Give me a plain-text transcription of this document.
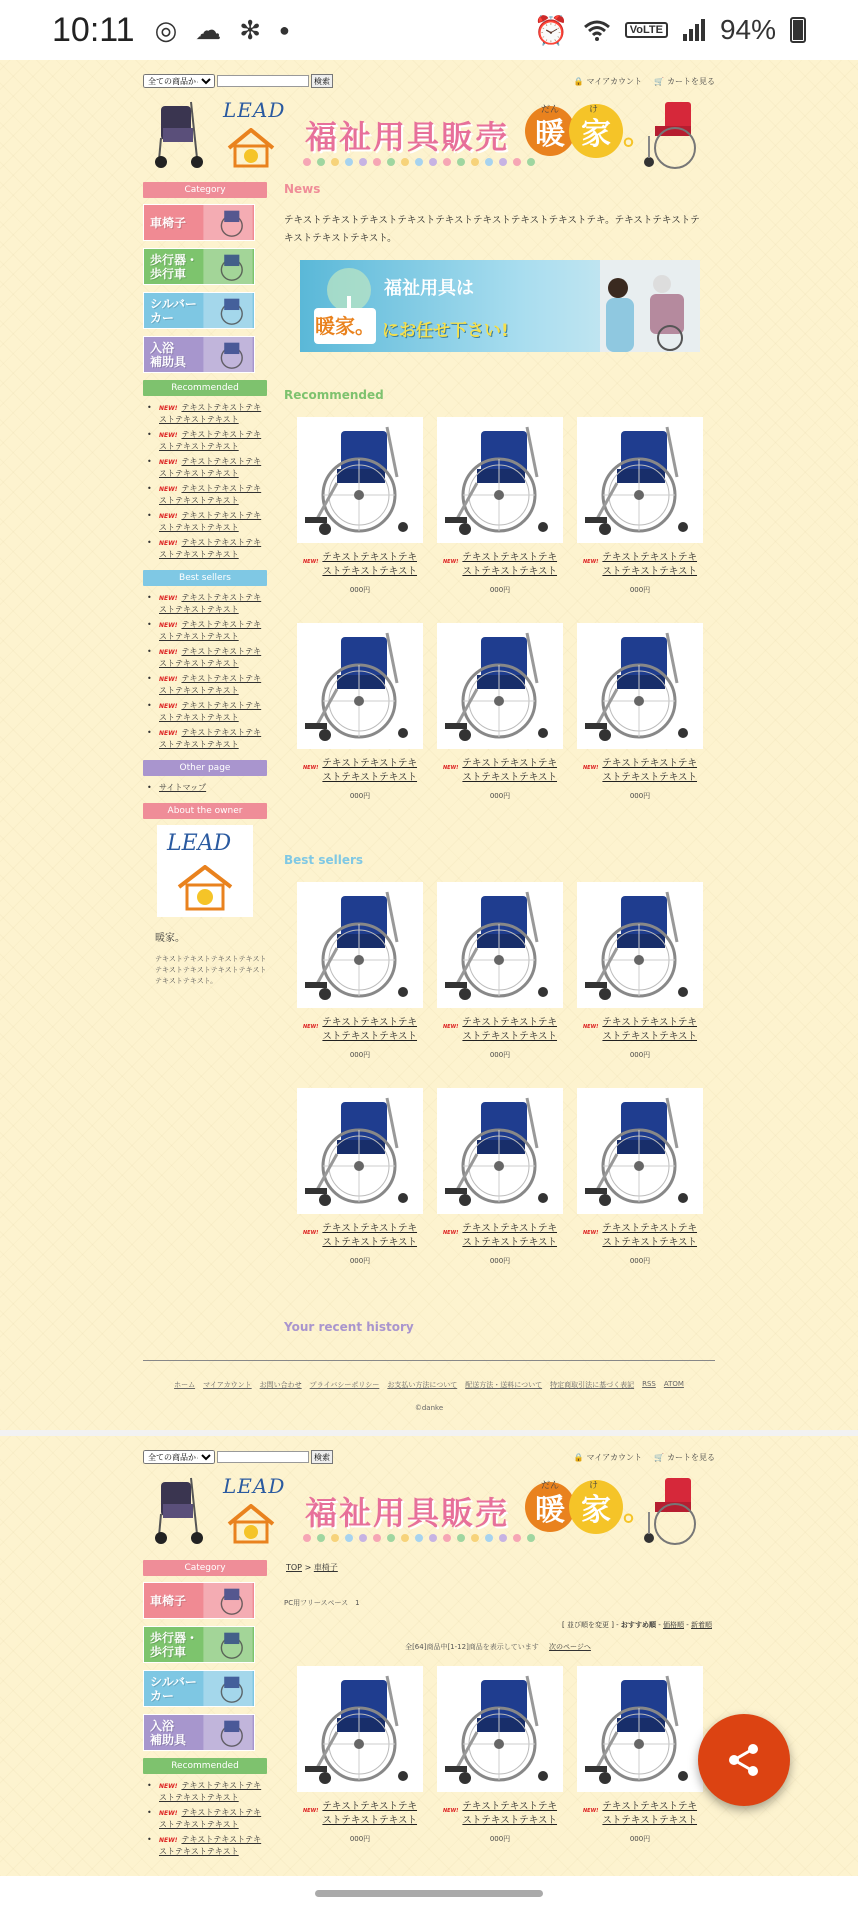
10:11 ◎ ☁ ✻ ●	⏰	VoLTE 94%
全ての商品から
検索	🔒 マイアカウント 🛒 カートを見る
LEAD
福祉用具販売
だん	け
暖 家 。
Category
車椅子
歩行器・
歩行車
シルバー
カー
入浴
補助具
Recommended
• NEW! テキストテキストテキストテキストテキスト
• NEW! テキストテキストテキストテキストテキスト
• NEW! テキストテキストテキストテキストテキスト
• NEW! テキストテキストテキストテキストテキスト
• NEW! テキストテキストテキストテキストテキスト
• NEW! テキストテキストテキストテキストテキスト
Best sellers
• NEW! テキストテキストテキストテキストテキスト
• NEW! テキストテキストテキストテキストテキスト
• NEW! テキストテキストテキストテキストテキスト
• NEW! テキストテキストテキストテキストテキスト
• NEW! テキストテキストテキストテキストテキスト
• NEW! テキストテキストテキストテキストテキスト
Other page
• サイトマップ
About the owner
LEAD
暖家。
テキストテキストテキストテキストテキストテキストテキストテキストテキストテキスト。
News
テキストテキストテキストテキストテキストテキストテキストテキストテキ。テキストテキストテキストテキストテキスト。
福祉用具は
暖家。 にお任せ下さい!
Recommended
NEW! テキストテキストテキストテキストテキスト
000円
NEW! テキストテキストテキストテキストテキスト
000円
NEW! テキストテキストテキストテキストテキスト
000円
NEW! テキストテキストテキストテキストテキスト
000円
NEW! テキストテキストテキストテキストテキスト
000円
NEW! テキストテキストテキストテキストテキスト
000円
Best sellers
NEW! テキストテキストテキストテキストテキスト
000円
NEW! テキストテキストテキストテキストテキスト
000円
NEW! テキストテキストテキストテキストテキスト
000円
NEW! テキストテキストテキストテキストテキスト
000円
NEW! テキストテキストテキストテキストテキスト
000円
NEW! テキストテキストテキストテキストテキスト
000円
Your recent history
ホーム マイアカウント お問い合わせ プライバシーポリシー お支払い方法について 配送方法・送料について 特定商取引法に基づく表記 RSS ATOM
©danke
全ての商品から
検索	🔒 マイアカウント 🛒 カートを見る
LEAD
福祉用具販売
だん	け
暖 家 。
Category
車椅子
歩行器・
歩行車
シルバー
カー
入浴
補助具
Recommended
• NEW! テキストテキストテキストテキストテキスト
• NEW! テキストテキストテキストテキストテキスト
• NEW! テキストテキストテキストテキストテキスト
TOP > 車椅子
PC用フリースペース　1
[ 並び順を変更 ] - おすすめ順 - 価格順 - 新着順
全[64]商品中[1-12]商品を表示しています 次のページへ
NEW! テキストテキストテキストテキストテキスト
000円
NEW! テキストテキストテキストテキストテキスト
000円
NEW! テキストテキストテキストテキストテキスト
000円
